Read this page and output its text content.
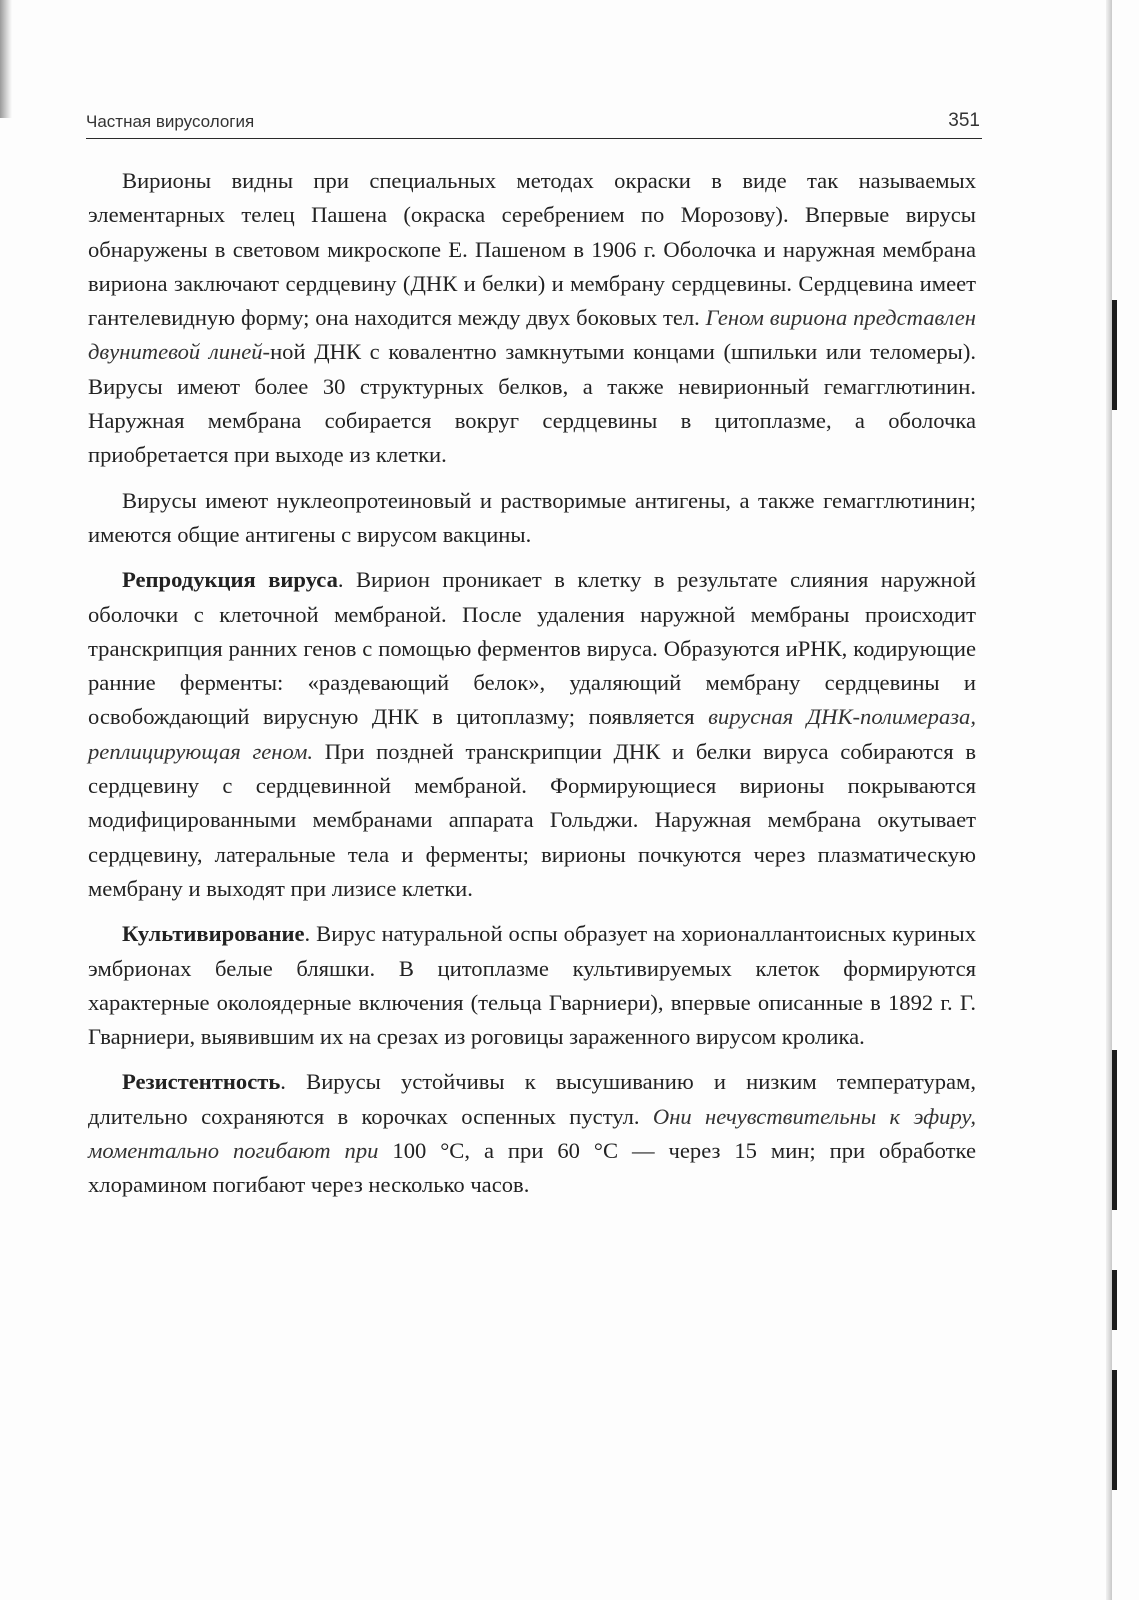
Частная вирусология	351

Вирионы видны при специальных методах окраски в виде так называемых элементарных телец Пашена (окраска серебрением по Морозову). Впервые вирусы обнаружены в световом микроскопе Е. Пашеном в 1906 г. Оболочка и наружная мембрана вириона заключают сердцевину (ДНК и белки) и мембрану сердцевины. Сердцевина имеет гантелевидную форму; она находится между двух боковых тел. Геном вириона представлен двунитевой линей-ной ДНК с ковалентно замкнутыми концами (шпильки или теломеры). Вирусы имеют более 30 структурных белков, а также невирионный гемагглютинин. Наружная мембрана собирается вокруг сердцевины в цитоплазме, а оболочка приобретается при выходе из клетки.

Вирусы имеют нуклеопротеиновый и растворимые антигены, а также гемагглютинин; имеются общие антигены с вирусом вакцины.

Репродукция вируса. Вирион проникает в клетку в результате слияния наружной оболочки с клеточной мембраной. После удаления наружной мембраны происходит транскрипция ранних генов с помощью ферментов вируса. Образуются иРНК, кодирующие ранние ферменты: «раздевающий белок», удаляющий мембрану сердцевины и освобождающий вирусную ДНК в цитоплазму; появляется вирусная ДНК-полимераза, реплицирующая геном. При поздней транскрипции ДНК и белки вируса собираются в сердцевину с сердцевинной мембраной. Формирующиеся вирионы покрываются модифицированными мембранами аппарата Гольджи. Наружная мембрана окутывает сердцевину, латеральные тела и ферменты; вирионы почкуются через плазматическую мембрану и выходят при лизисе клетки.

Культивирование. Вирус натуральной оспы образует на хорионаллантоисных куриных эмбрионах белые бляшки. В цитоплазме культивируемых клеток формируются характерные околоядерные включения (тельца Гварниери), впервые описанные в 1892 г. Г. Гварниери, выявившим их на срезах из роговицы зараженного вирусом кролика.

Резистентность. Вирусы устойчивы к высушиванию и низким температурам, длительно сохраняются в корочках оспенных пустул. Они нечувствительны к эфиру, моментально погибают при 100 °С, а при 60 °С — через 15 мин; при обработке хлорамином погибают через несколько часов.
